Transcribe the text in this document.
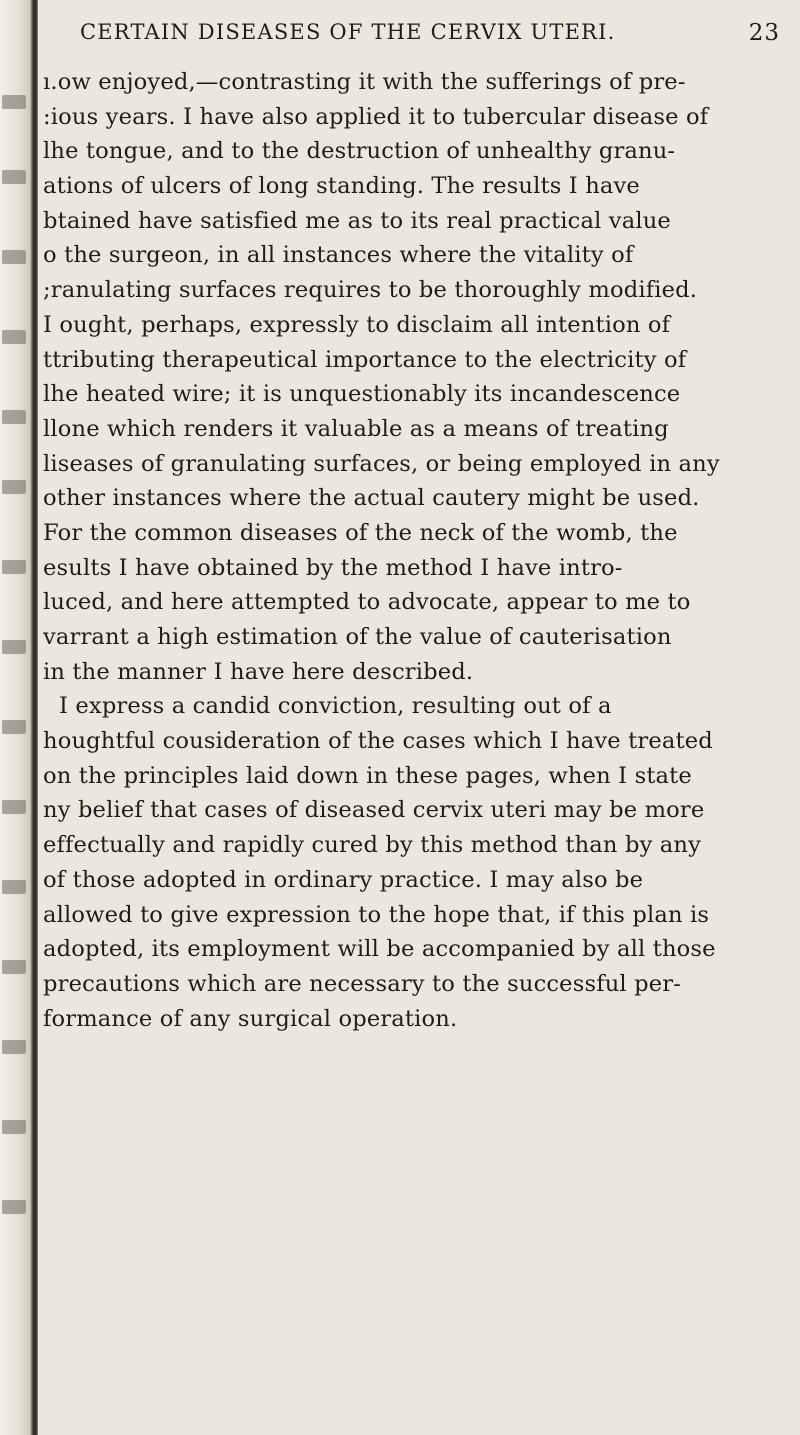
CERTAIN DISEASES OF THE CERVIX UTERI.	23
ı.ow enjoyed,—contrasting it with the sufferings of pre-
:ious years. I have also applied it to tubercular disease of
lhe tongue, and to the destruction of unhealthy granu-
ations of ulcers of long standing. The results I have
btained have satisfied me as to its real practical value
o the surgeon, in all instances where the vitality of
;ranulating surfaces requires to be thoroughly modified.
I ought, perhaps, expressly to disclaim all intention of
ttributing therapeutical importance to the electricity of
lhe heated wire; it is unquestionably its incandescence
llone which renders it valuable as a means of treating
liseases of granulating surfaces, or being employed in any
other instances where the actual cautery might be used.
For the common diseases of the neck of the womb, the
esults I have obtained by the method I have intro-
luced, and here attempted to advocate, appear to me to
varrant a high estimation of the value of cauterisation
in the manner I have here described.
I express a candid conviction, resulting out of a
houghtful cousideration of the cases which I have treated
on the principles laid down in these pages, when I state
ny belief that cases of diseased cervix uteri may be more
effectually and rapidly cured by this method than by any
of those adopted in ordinary practice. I may also be
allowed to give expression to the hope that, if this plan is
adopted, its employment will be accompanied by all those
precautions which are necessary to the successful per-
formance of any surgical operation.
